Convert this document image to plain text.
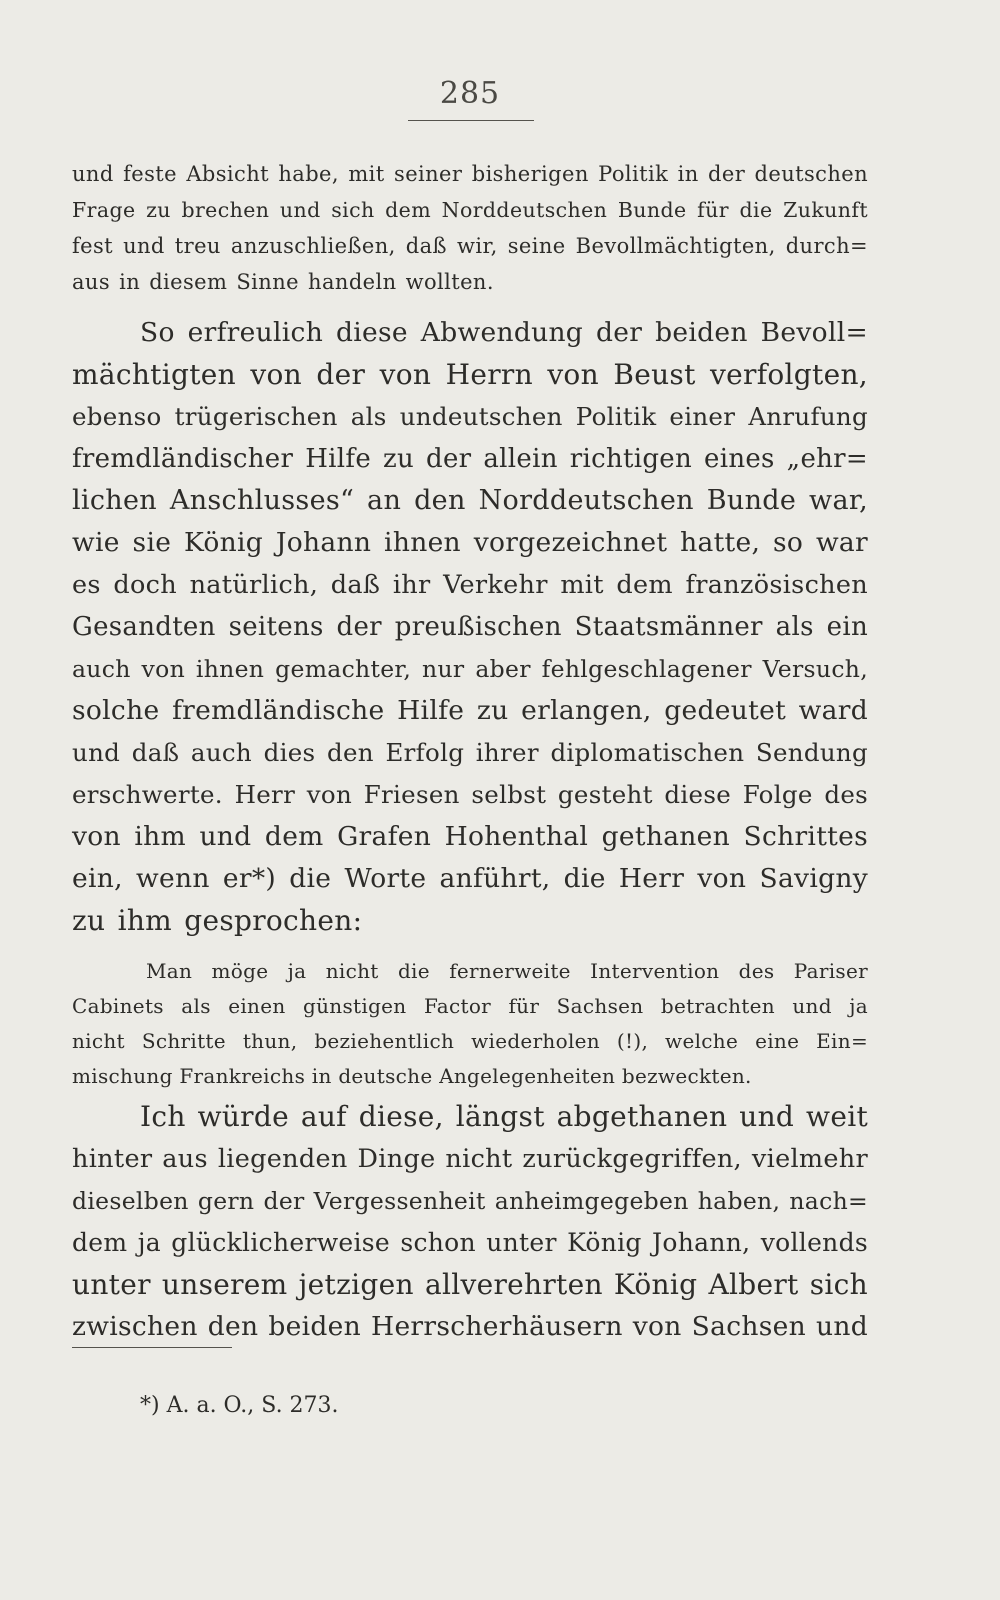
285
und feste Absicht habe, mit seiner bisherigen Politik in der deutschen
Frage zu brechen und sich dem Norddeutschen Bunde für die Zukunft
fest und treu anzuschließen, daß wir, seine Bevollmächtigten, durch=
aus in diesem Sinne handeln wollten.
So erfreulich diese Abwendung der beiden Bevoll=
mächtigten von der von Herrn von Beust verfolgten,
ebenso trügerischen als undeutschen Politik einer Anrufung
fremdländischer Hilfe zu der allein richtigen eines „ehr=
lichen Anschlusses“ an den Norddeutschen Bunde war,
wie sie König Johann ihnen vorgezeichnet hatte, so war
es doch natürlich, daß ihr Verkehr mit dem französischen
Gesandten seitens der preußischen Staatsmänner als ein
auch von ihnen gemachter, nur aber fehlgeschlagener Versuch,
solche fremdländische Hilfe zu erlangen, gedeutet ward
und daß auch dies den Erfolg ihrer diplomatischen Sendung
erschwerte. Herr von Friesen selbst gesteht diese Folge des
von ihm und dem Grafen Hohenthal gethanen Schrittes
ein, wenn er*) die Worte anführt, die Herr von Savigny
zu ihm gesprochen:
Man möge ja nicht die fernerweite Intervention des Pariser
Cabinets als einen günstigen Factor für Sachsen betrachten und ja
nicht Schritte thun, beziehentlich wiederholen (!), welche eine Ein=
mischung Frankreichs in deutsche Angelegenheiten bezweckten.
Ich würde auf diese, längst abgethanen und weit
hinter aus liegenden Dinge nicht zurückgegriffen, vielmehr
dieselben gern der Vergessenheit anheimgegeben haben, nach=
dem ja glücklicherweise schon unter König Johann, vollends
unter unserem jetzigen allverehrten König Albert sich
zwischen den beiden Herrscherhäusern von Sachsen und
*) A. a. O., S. 273.
